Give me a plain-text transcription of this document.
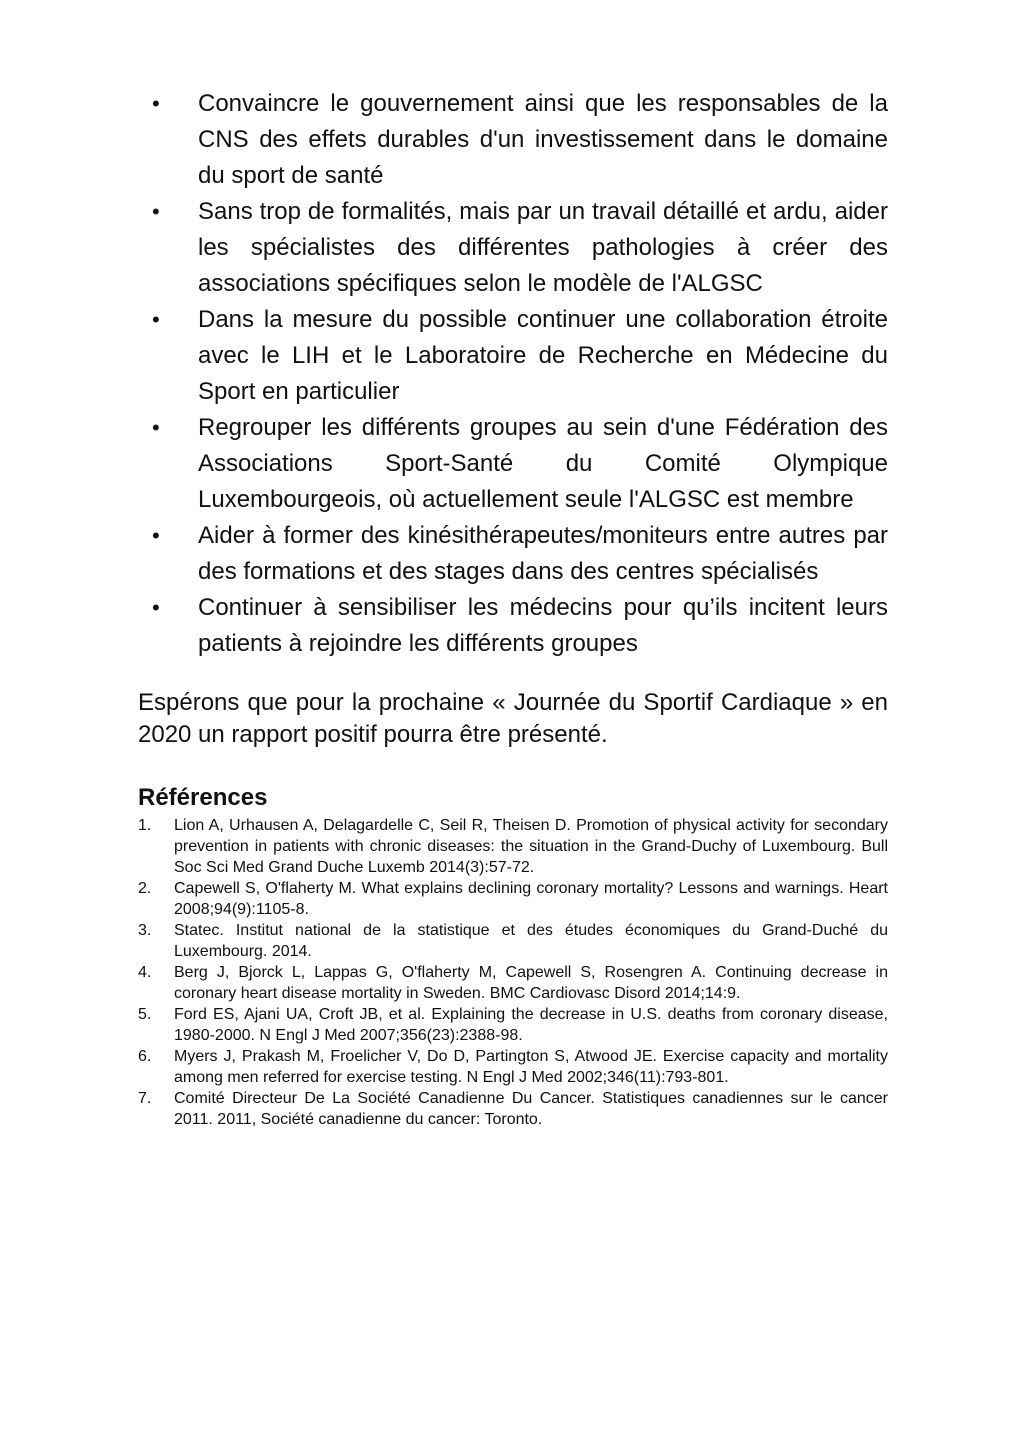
• Convaincre le gouvernement ainsi que les responsables de la CNS des effets durables d'un investissement dans le domaine du sport de santé
• Sans trop de formalités, mais par un travail détaillé et ardu, aider les spécialistes des différentes pathologies à créer des associations spécifiques selon le modèle de l'ALGSC
• Dans la mesure du possible continuer une collaboration étroite avec le LIH et le Laboratoire de Recherche en Médecine du Sport en particulier
• Regrouper les différents groupes au sein d'une Fédération des Associations Sport-Santé du Comité Olympique Luxembourgeois, où actuellement seule l'ALGSC est membre
• Aider à former des kinésithérapeutes/moniteurs entre autres par des formations et des stages dans des centres spécialisés
• Continuer à sensibiliser les médecins pour qu’ils incitent leurs patients à rejoindre les différents groupes

Espérons que pour la prochaine « Journée du Sportif Cardiaque » en 2020 un rapport positif pourra être présenté.

Références
1. Lion A, Urhausen A, Delagardelle C, Seil R, Theisen D. Promotion of physical activity for secondary prevention in patients with chronic diseases: the situation in the Grand-Duchy of Luxembourg. Bull Soc Sci Med Grand Duche Luxemb 2014(3):57-72.
2. Capewell S, O'flaherty M. What explains declining coronary mortality? Lessons and warnings. Heart 2008;94(9):1105-8.
3. Statec. Institut national de la statistique et des études économiques du Grand-Duché du Luxembourg. 2014.
4. Berg J, Bjorck L, Lappas G, O'flaherty M, Capewell S, Rosengren A. Continuing decrease in coronary heart disease mortality in Sweden. BMC Cardiovasc Disord 2014;14:9.
5. Ford ES, Ajani UA, Croft JB, et al. Explaining the decrease in U.S. deaths from coronary disease, 1980-2000. N Engl J Med 2007;356(23):2388-98.
6. Myers J, Prakash M, Froelicher V, Do D, Partington S, Atwood JE. Exercise capacity and mortality among men referred for exercise testing. N Engl J Med 2002;346(11):793-801.
7. Comité Directeur De La Société Canadienne Du Cancer. Statistiques canadiennes sur le cancer 2011. 2011, Société canadienne du cancer: Toronto.
